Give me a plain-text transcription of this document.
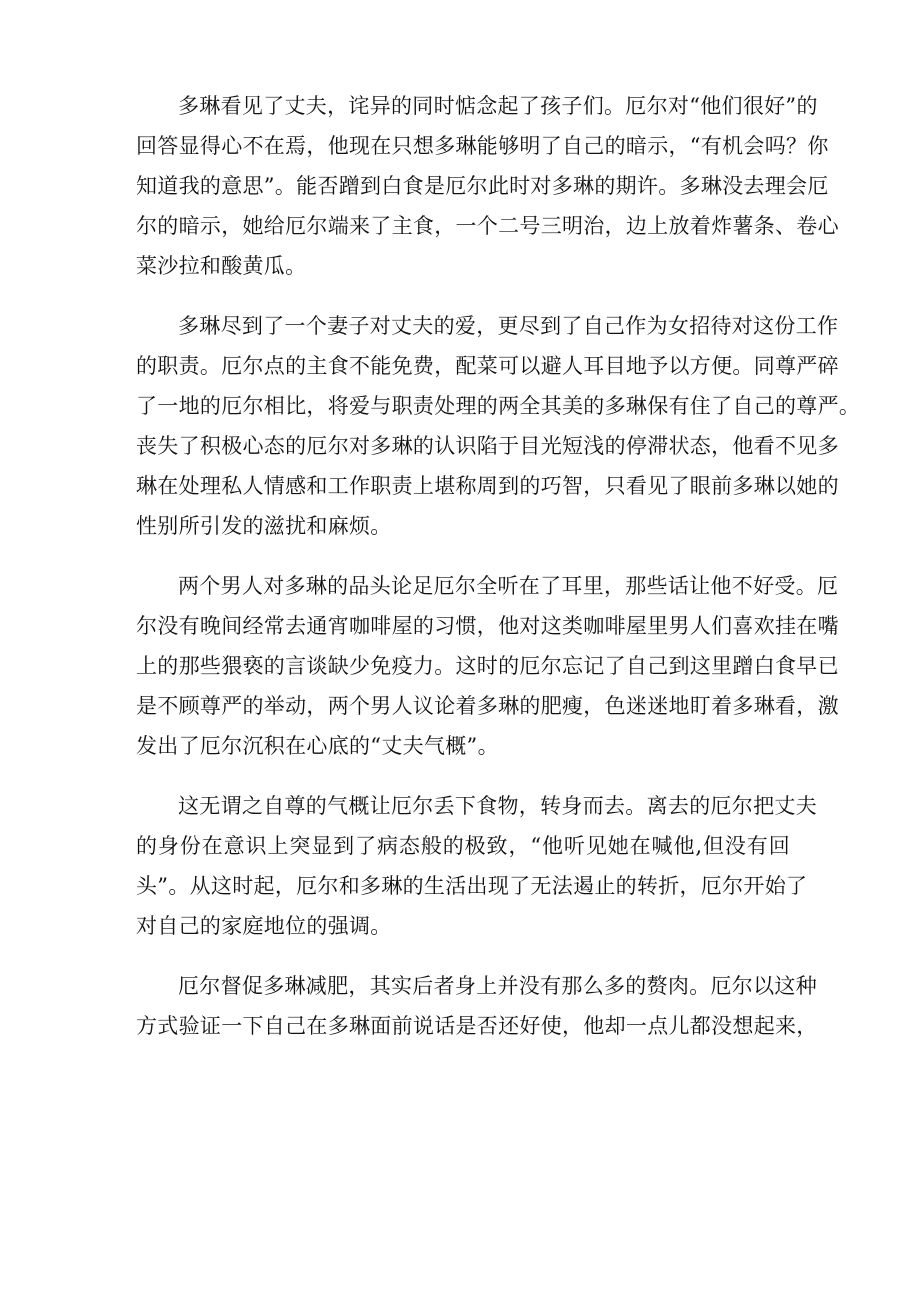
多琳看见了丈夫，诧异的同时惦念起了孩子们。厄尔对“他们很好”的
回答显得心不在焉，他现在只想多琳能够明了自己的暗示，“有机会吗？你
知道我的意思”。能否蹭到白食是厄尔此时对多琳的期许。多琳没去理会厄
尔的暗示，她给厄尔端来了主食，一个二号三明治，边上放着炸薯条、卷心
菜沙拉和酸黄瓜。

多琳尽到了一个妻子对丈夫的爱，更尽到了自己作为女招待对这份工作
的职责。厄尔点的主食不能免费，配菜可以避人耳目地予以方便。同尊严碎
了一地的厄尔相比，将爱与职责处理的两全其美的多琳保有住了自己的尊严。
丧失了积极心态的厄尔对多琳的认识陷于目光短浅的停滞状态，他看不见多
琳在处理私人情感和工作职责上堪称周到的巧智，只看见了眼前多琳以她的
性别所引发的滋扰和麻烦。

两个男人对多琳的品头论足厄尔全听在了耳里，那些话让他不好受。厄
尔没有晚间经常去通宵咖啡屋的习惯，他对这类咖啡屋里男人们喜欢挂在嘴
上的那些猥亵的言谈缺少免疫力。这时的厄尔忘记了自己到这里蹭白食早已
是不顾尊严的举动，两个男人议论着多琳的肥瘦，色迷迷地盯着多琳看，激
发出了厄尔沉积在心底的“丈夫气概”。

这无谓之自尊的气概让厄尔丢下食物，转身而去。离去的厄尔把丈夫
的身份在意识上突显到了病态般的极致，“他听见她在喊他,但没有回
头”。从这时起，厄尔和多琳的生活出现了无法遏止的转折，厄尔开始了
对自己的家庭地位的强调。

厄尔督促多琳减肥，其实后者身上并没有那么多的赘肉。厄尔以这种
方式验证一下自己在多琳面前说话是否还好使，他却一点儿都没想起来，
